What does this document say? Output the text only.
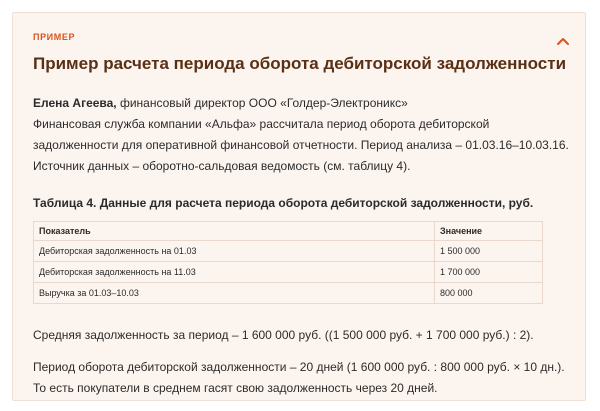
ПРИМЕР
Пример расчета периода оборота дебиторской задолженности
Елена Агеева, финансовый директор ООО «Голдер-Электроникс»
Финансовая служба компании «Альфа» рассчитала период оборота дебиторской задолженности для оперативной финансовой отчетности. Период анализа – 01.03.16–10.03.16. Источник данных – оборотно-сальдовая ведомость (см. таблицу 4).
Таблица 4. Данные для расчета периода оборота дебиторской задолженности, руб.
Показатель	Значение
Дебиторская задолженность на 01.03	1 500 000
Дебиторская задолженность на 11.03	1 700 000
Выручка за 01.03–10.03	800 000
Средняя задолженность за период – 1 600 000 руб. ((1 500 000 руб. + 1 700 000 руб.) : 2).
Период оборота дебиторской задолженности – 20 дней (1 600 000 руб. : 800 000 руб. × 10 дн.). То есть покупатели в среднем гасят свою задолженность через 20 дней.
